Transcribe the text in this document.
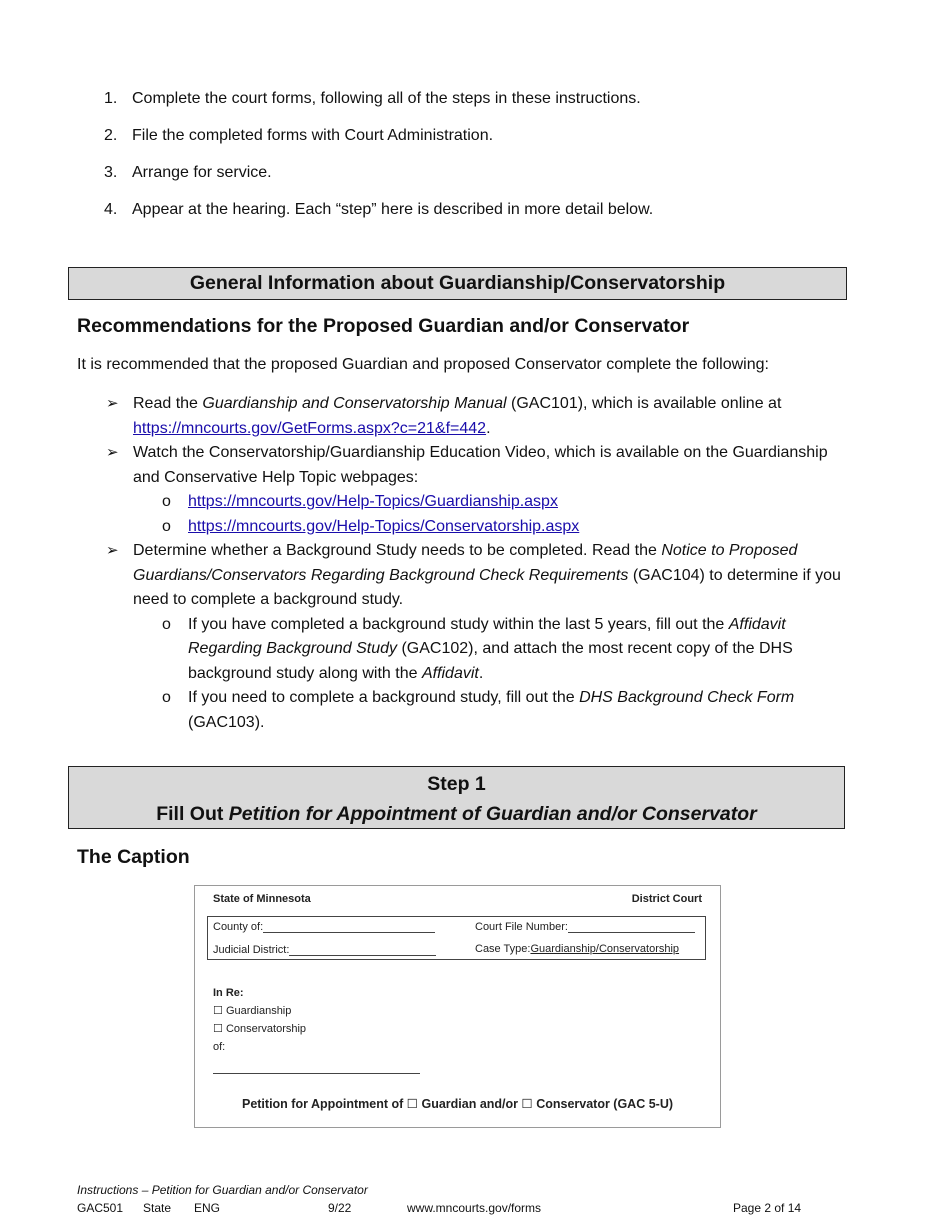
1. Complete the court forms, following all of the steps in these instructions.
2. File the completed forms with Court Administration.
3. Arrange for service.
4. Appear at the hearing. Each “step” here is described in more detail below.
General Information about Guardianship/Conservatorship
Recommendations for the Proposed Guardian and/or Conservator
It is recommended that the proposed Guardian and proposed Conservator complete the following:
➢ Read the Guardianship and Conservatorship Manual (GAC101), which is available online at
https://mncourts.gov/GetForms.aspx?c=21&f=442.
➢ Watch the Conservatorship/Guardianship Education Video, which is available on the Guardianship and Conservative Help Topic webpages:
o	https://mncourts.gov/Help-Topics/Guardianship.aspx
o	https://mncourts.gov/Help-Topics/Conservatorship.aspx
➢ Determine whether a Background Study needs to be completed. Read the Notice to Proposed Guardians/Conservators Regarding Background Check Requirements (GAC104) to determine if you need to complete a background study.
o	If you have completed a background study within the last 5 years, fill out the Affidavit Regarding Background Study (GAC102), and attach the most recent copy of the DHS background study along with the Affidavit.
o	If you need to complete a background study, fill out the DHS Background Check Form
(GAC103).
Step 1
Fill Out Petition for Appointment of Guardian and/or Conservator
The Caption
State of Minnesota	District Court
County of:	Court File Number:
Judicial District:	Case Type: Guardianship/Conservatorship
In Re:
☐ Guardianship
☐ Conservatorship
of:
Petition for Appointment of ☐ Guardian and/or ☐ Conservator (GAC 5-U)
Instructions – Petition for Guardian and/or Conservator
GAC501 State ENG	9/22	www.mncourts.gov/forms	Page 2 of 14
